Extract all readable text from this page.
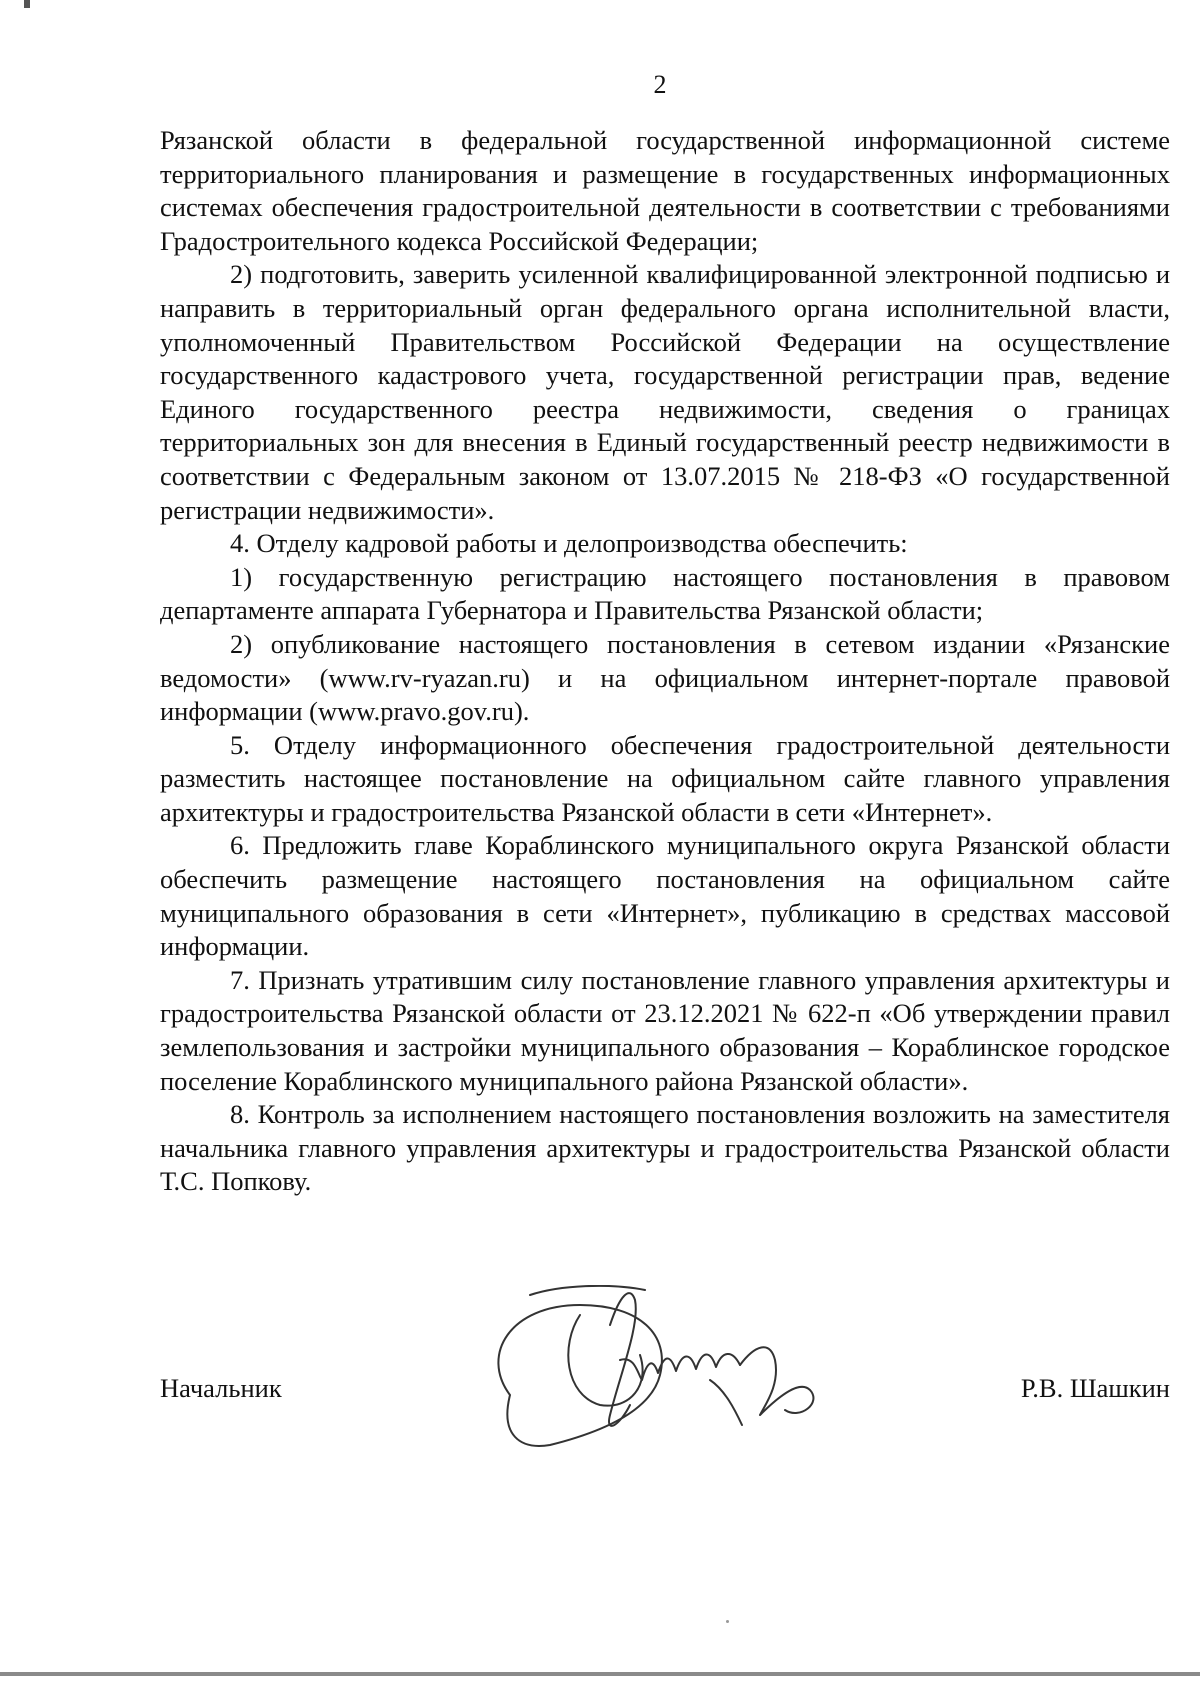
2

Рязанской области в федеральной государственной информационной системе территориального планирования и размещение в государственных информационных системах обеспечения градостроительной деятельности в соответствии с требованиями Градостроительного кодекса Российской Федерации;

2) подготовить, заверить усиленной квалифицированной электронной подписью и направить в территориальный орган федерального органа исполнительной власти, уполномоченный Правительством Российской Федерации на осуществление государственного кадастрового учета, государственной регистрации прав, ведение Единого государственного реестра недвижимости, сведения о границах территориальных зон для внесения в Единый государственный реестр недвижимости в соответствии с Федеральным законом от 13.07.2015 № 218-ФЗ «О государственной регистрации недвижимости».

4. Отделу кадровой работы и делопроизводства обеспечить:

1) государственную регистрацию настоящего постановления в правовом департаменте аппарата Губернатора и Правительства Рязанской области;

2) опубликование настоящего постановления в сетевом издании «Рязанские ведомости» (www.rv-ryazan.ru) и на официальном интернет-портале правовой информации (www.pravo.gov.ru).

5. Отделу информационного обеспечения градостроительной деятельности разместить настоящее постановление на официальном сайте главного управления архитектуры и градостроительства Рязанской области в сети «Интернет».

6. Предложить главе Кораблинского муниципального округа Рязанской области обеспечить размещение настоящего постановления на официальном сайте муниципального образования в сети «Интернет», публикацию в средствах массовой информации.

7. Признать утратившим силу постановление главного управления архитектуры и градостроительства Рязанской области от 23.12.2021 № 622-п «Об утверждении правил землепользования и застройки муниципального образования – Кораблинское городское поселение Кораблинского муниципального района Рязанской области».

8. Контроль за исполнением настоящего постановления возложить на заместителя начальника главного управления архитектуры и градостроительства Рязанской области Т.С. Попкову.

Начальник	Р.В. Шашкин
